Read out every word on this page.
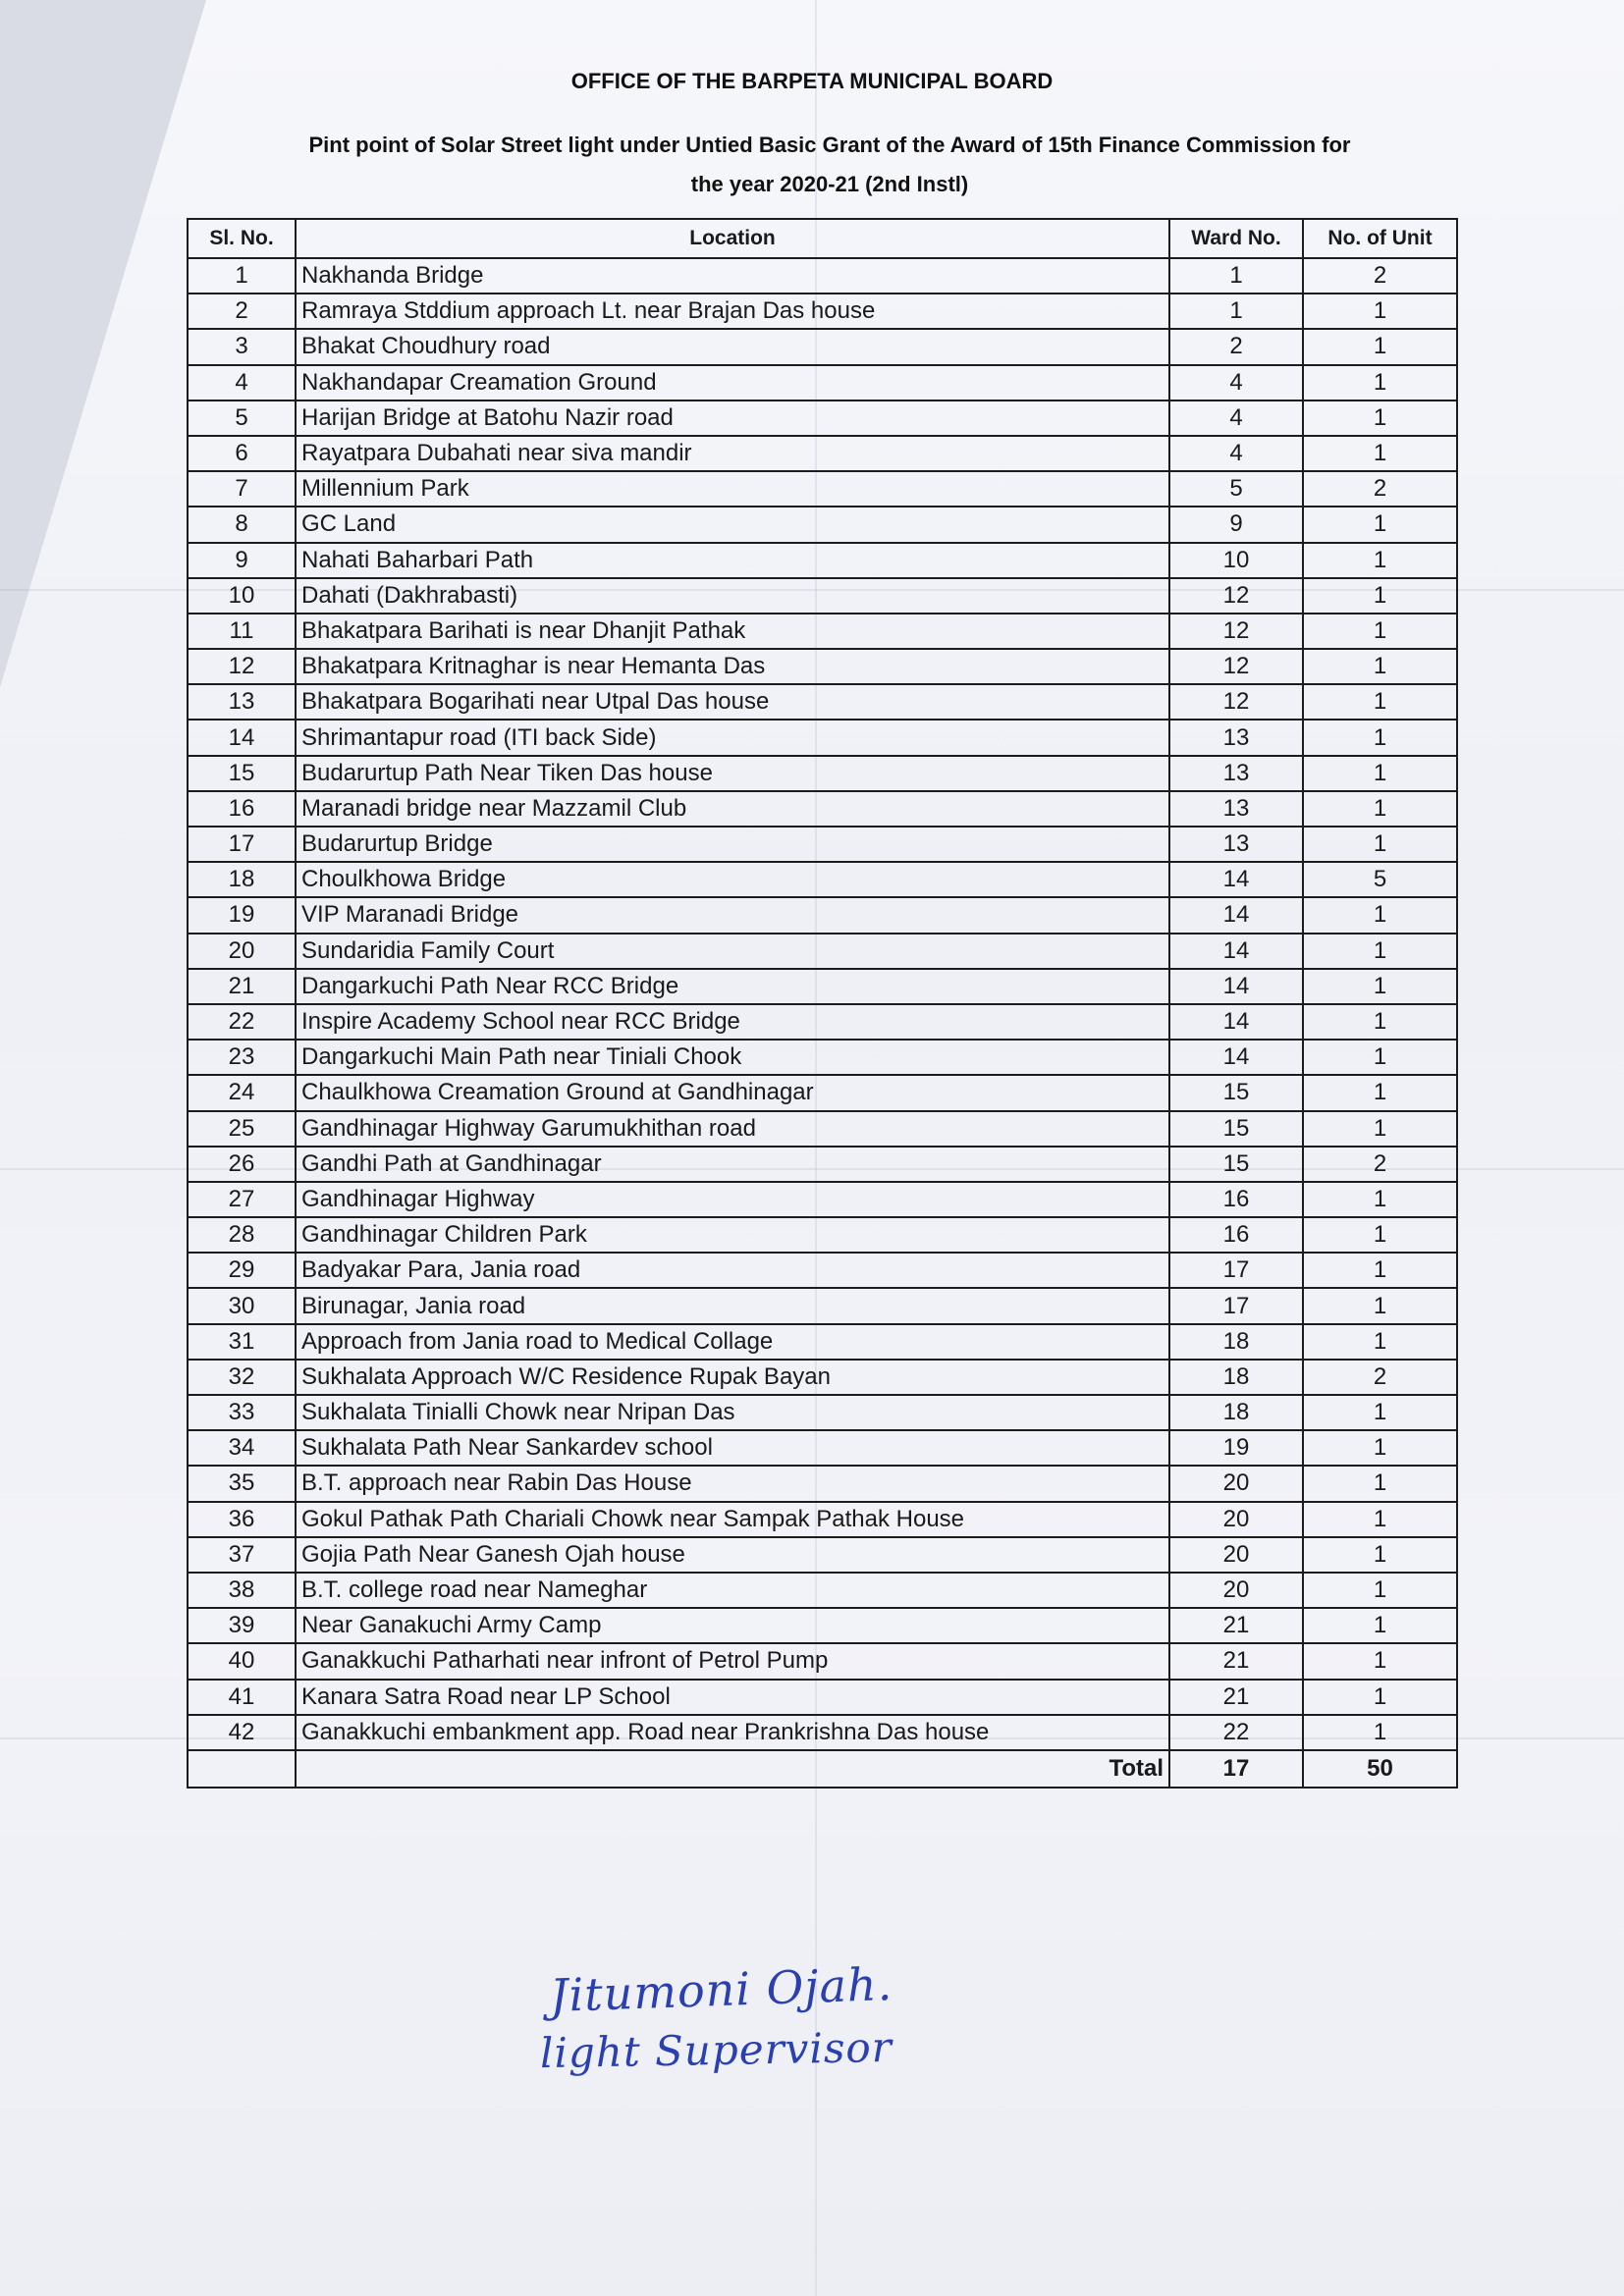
OFFICE OF THE BARPETA MUNICIPAL BOARD
Pint point of Solar Street light under Untied Basic Grant of the Award of 15th Finance Commission for
the year 2020-21 (2nd Instl)
Sl. No.	Location	Ward No.	No. of Unit
1	Nakhanda Bridge	1	2
2	Ramraya Stddium approach Lt. near Brajan Das house	1	1
3	Bhakat Choudhury road	2	1
4	Nakhandapar Creamation Ground	4	1
5	Harijan Bridge at Batohu Nazir road	4	1
6	Rayatpara Dubahati near siva mandir	4	1
7	Millennium Park	5	2
8	GC Land	9	1
9	Nahati Baharbari Path	10	1
10	Dahati (Dakhrabasti)	12	1
11	Bhakatpara Barihati is near Dhanjit Pathak	12	1
12	Bhakatpara Kritnaghar is near Hemanta Das	12	1
13	Bhakatpara Bogarihati near Utpal Das house	12	1
14	Shrimantapur road (ITI back Side)	13	1
15	Budarurtup Path Near Tiken Das house	13	1
16	Maranadi bridge near Mazzamil Club	13	1
17	Budarurtup Bridge	13	1
18	Choulkhowa Bridge	14	5
19	VIP Maranadi Bridge	14	1
20	Sundaridia Family Court	14	1
21	Dangarkuchi Path Near RCC Bridge	14	1
22	Inspire Academy School near RCC Bridge	14	1
23	Dangarkuchi Main Path near Tiniali Chook	14	1
24	Chaulkhowa Creamation Ground at Gandhinagar	15	1
25	Gandhinagar Highway Garumukhithan road	15	1
26	Gandhi Path at Gandhinagar	15	2
27	Gandhinagar Highway	16	1
28	Gandhinagar Children Park	16	1
29	Badyakar Para, Jania road	17	1
30	Birunagar, Jania road	17	1
31	Approach from Jania road to Medical Collage	18	1
32	Sukhalata Approach W/C Residence Rupak Bayan	18	2
33	Sukhalata Tinialli Chowk near Nripan Das	18	1
34	Sukhalata Path Near Sankardev school	19	1
35	B.T. approach near Rabin Das House	20	1
36	Gokul Pathak Path Chariali Chowk near Sampak Pathak House	20	1
37	Gojia Path Near Ganesh Ojah house	20	1
38	B.T. college road near Nameghar	20	1
39	Near Ganakuchi Army Camp	21	1
40	Ganakkuchi Patharhati near infront of Petrol Pump	21	1
41	Kanara Satra Road near LP School	21	1
42	Ganakkuchi embankment app. Road near Prankrishna Das house	22	1
	Total	17	50
Jitumoni Ojah.
light Supervisor
